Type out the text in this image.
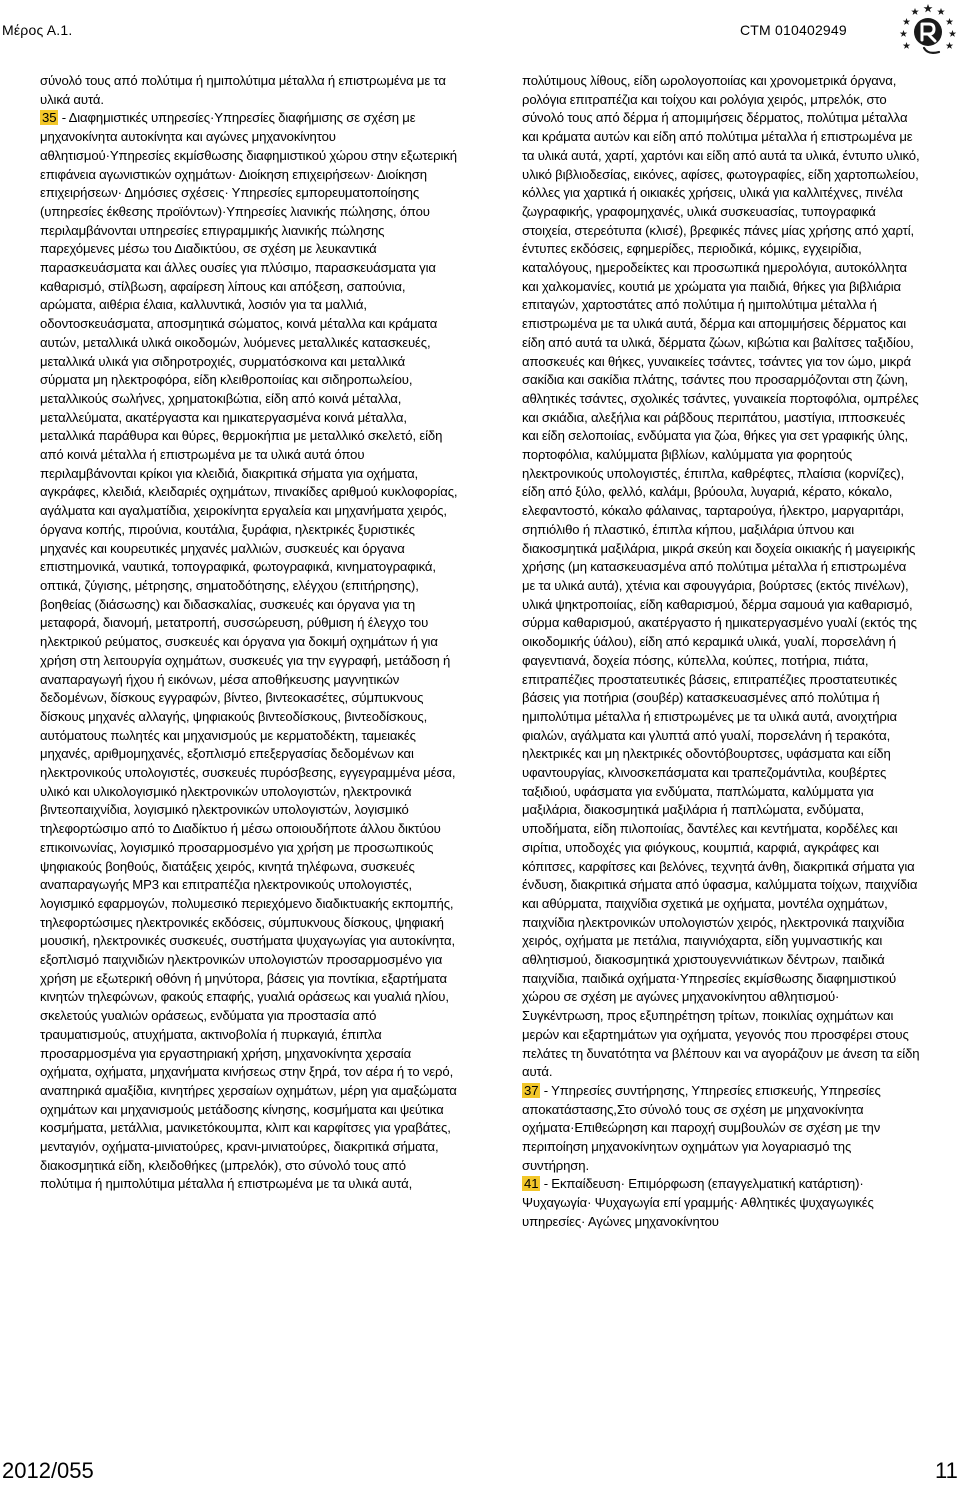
Μέρος Α.1.	CTM 010402949

σύνολό τους από πολύτιμα ή ημιπολύτιμα μέταλλα ή επιστρωμένα με τα υλικά αυτά.

35 - Διαφημιστικές υπηρεσίες·Υπηρεσίες διαφήμισης σε σχέση με μηχανοκίνητα αυτοκίνητα και αγώνες μηχανοκίνητου αθλητισμού·Υπηρεσίες εκμίσθωσης διαφημιστικού χώρου στην εξωτερική επιφάνεια αγωνιστικών οχημάτων· Διοίκηση επιχειρήσεων· Διοίκηση επιχειρήσεων· Δημόσιες σχέσεις· Υπηρεσίες εμπορευματοποίησης (υπηρεσίες έκθεσης προϊόντων)·Υπηρεσίες λιανικής πώλησης, όπου περιλαμβάνονται υπηρεσίες επιγραμμικής λιανικής πώλησης παρεχόμενες μέσω του Διαδικτύου, σε σχέση με λευκαντικά παρασκευάσματα και άλλες ουσίες για πλύσιμο, παρασκευάσματα για καθαρισμό, στίλβωση, αφαίρεση λίπους και απόξεση, σαπούνια, αρώματα, αιθέρια έλαια, καλλυντικά, λοσιόν για τα μαλλιά, οδοντοσκευάσματα, αποσμητικά σώματος, κοινά μέταλλα και κράματα αυτών, μεταλλικά υλικά οικοδομών, λυόμενες μεταλλικές κατασκευές, μεταλλικά υλικά για σιδηροτροχιές, συρματόσκοινα και μεταλλικά σύρματα μη ηλεκτροφόρα, είδη κλειθροποιίας και σιδηροπωλείου, μεταλλικούς σωλήνες, χρηματοκιβώτια, είδη από κοινά μέταλλα, μεταλλεύματα, ακατέργαστα και ημικατεργασμένα κοινά μέταλλα, μεταλλικά παράθυρα και θύρες, θερμοκήπια με μεταλλικό σκελετό, είδη από κοινά μέταλλα ή επιστρωμένα με τα υλικά αυτά όπου περιλαμβάνονται κρίκοι για κλειδιά, διακριτικά σήματα για οχήματα, αγκράφες, κλειδιά, κλειδαριές οχημάτων, πινακίδες αριθμού κυκλοφορίας, αγάλματα και αγαλματίδια, χειροκίνητα εργαλεία και μηχανήματα χειρός, όργανα κοπής, πιρούνια, κουτάλια, ξυράφια, ηλεκτρικές ξυριστικές μηχανές και κουρευτικές μηχανές μαλλιών, συσκευές και όργανα επιστημονικά, ναυτικά, τοπογραφικά, φωτογραφικά, κινηματογραφικά, οπτικά, ζύγισης, μέτρησης, σηματοδότησης, ελέγχου (επιτήρησης), βοηθείας (διάσωσης) και διδασκαλίας, συσκευές και όργανα για τη μεταφορά, διανομή, μετατροπή, συσσώρευση, ρύθμιση ή έλεγχο του ηλεκτρικού ρεύματος, συσκευές και όργανα για δοκιμή οχημάτων ή για χρήση στη λειτουργία οχημάτων, συσκευές για την εγγραφή, μετάδοση ή αναπαραγωγή ήχου ή εικόνων, μέσα αποθήκευσης μαγνητικών δεδομένων, δίσκους εγγραφών, βίντεο, βιντεοκασέτες, σύμπυκνους δίσκους μηχανές αλλαγής, ψηφιακούς βιντεοδίσκους, βιντεοδίσκους, αυτόματους πωλητές και μηχανισμούς με κερματοδέκτη, ταμειακές μηχανές, αριθμομηχανές, εξοπλισμό επεξεργασίας δεδομένων και ηλεκτρονικούς υπολογιστές, συσκευές πυρόσβεσης, εγγεγραμμένα μέσα, υλικό και υλικολογισμικό ηλεκτρονικών υπολογιστών, ηλεκτρονικά βιντεοπαιχνίδια, λογισμικό ηλεκτρονικών υπολογιστών, λογισμικό τηλεφορτώσιμο από το Διαδίκτυο ή μέσω οποιουδήποτε άλλου δικτύου επικοινωνίας, λογισμικό προσαρμοσμένο για χρήση με προσωπικούς ψηφιακούς βοηθούς, διατάξεις χειρός, κινητά τηλέφωνα, συσκευές αναπαραγωγής MP3 και επιτραπέζια ηλεκτρονικούς υπολογιστές, λογισμικό εφαρμογών, πολυμεσικό περιεχόμενο διαδικτυακής εκπομπής, τηλεφορτώσιμες ηλεκτρονικές εκδόσεις, σύμπυκνους δίσκους, ψηφιακή μουσική, ηλεκτρονικές συσκευές, συστήματα ψυχαγωγίας για αυτοκίνητα, εξοπλισμό παιχνιδιών ηλεκτρονικών υπολογιστών προσαρμοσμένο για χρήση με εξωτερική οθόνη ή μηνύτορα, βάσεις για ποντίκια, εξαρτήματα κινητών τηλεφώνων, φακούς επαφής, γυαλιά οράσεως και γυαλιά ηλίου, σκελετούς γυαλιών οράσεως, ενδύματα για προστασία από τραυματισμούς, ατυχήματα, ακτινοβολία ή πυρκαγιά, έπιπλα προσαρμοσμένα για εργαστηριακή χρήση, μηχανοκίνητα χερσαία οχήματα, οχήματα, μηχανήματα κινήσεως στην ξηρά, τον αέρα ή το νερό, αναπηρικά αμαξίδια, κινητήρες χερσαίων οχημάτων, μέρη για αμαξώματα οχημάτων και μηχανισμούς μετάδοσης κίνησης, κοσμήματα και ψεύτικα κοσμήματα, μετάλλια, μανικετόκουμπα, κλιπ και καρφίτσες για γραβάτες, μενταγιόν, οχήματα-μινιατούρες, κρανι-μινιατούρες, διακριτικά σήματα, διακοσμητικά είδη, κλειδοθήκες (μπρελόκ), στο σύνολό τους από πολύτιμα ή ημιπολύτιμα μέταλλα ή επιστρωμένα με τα υλικά αυτά,

πολύτιμους λίθους, είδη ωρολογοποιίας και χρονομετρικά όργανα, ρολόγια επιτραπέζια και τοίχου και ρολόγια χειρός, μπρελόκ, στο σύνολό τους από δέρμα ή απομιμήσεις δέρματος, πολύτιμα μέταλλα και κράματα αυτών και είδη από πολύτιμα μέταλλα ή επιστρωμένα με τα υλικά αυτά, χαρτί, χαρτόνι και είδη από αυτά τα υλικά, έντυπο υλικό, υλικό βιβλιοδεσίας, εικόνες, αφίσες, φωτογραφίες, είδη χαρτοπωλείου, κόλλες για χαρτικά ή οικιακές χρήσεις, υλικά για καλλιτέχνες, πινέλα ζωγραφικής, γραφομηχανές, υλικά συσκευασίας, τυπογραφικά στοιχεία, στερεότυπα (κλισέ), βρεφικές πάνες μίας χρήσης από χαρτί, έντυπες εκδόσεις, εφημερίδες, περιοδικά, κόμικς, εγχειρίδια, καταλόγους, ημεροδείκτες και προσωπικά ημερολόγια, αυτοκόλλητα και χαλκομανίες, κουτιά με χρώματα για παιδιά, θήκες για βιβλιάρια επιταγών, χαρτοστάτες από πολύτιμα ή ημιπολύτιμα μέταλλα ή επιστρωμένα με τα υλικά αυτά, δέρμα και απομιμήσεις δέρματος και είδη από αυτά τα υλικά, δέρματα ζώων, κιβώτια και βαλίτσες ταξιδίου, αποσκευές και θήκες, γυναικείες τσάντες, τσάντες για τον ώμο, μικρά σακίδια και σακίδια πλάτης, τσάντες που προσαρμόζονται στη ζώνη, αθλητικές τσάντες, σχολικές τσάντες, γυναικεία πορτοφόλια, ομπρέλες και σκιάδια, αλεξήλια και ράβδους περιπάτου, μαστίγια, ιπποσκευές και είδη σελοποιίας, ενδύματα για ζώα, θήκες για σετ γραφικής ύλης, πορτοφόλια, καλύμματα βιβλίων, καλύμματα για φορητούς ηλεκτρονικούς υπολογιστές, έπιπλα, καθρέφτες, πλαίσια (κορνίζες), είδη από ξύλο, φελλό, καλάμι, βρύουλα, λυγαριά, κέρατο, κόκαλο, ελεφαντοστό, κόκαλο φάλαινας, ταρταρούγα, ήλεκτρο, μαργαριτάρι, σηπιόλιθο ή πλαστικό, έπιπλα κήπου, μαξιλάρια ύπνου και διακοσμητικά μαξιλάρια, μικρά σκεύη και δοχεία οικιακής ή μαγειρικής χρήσης (μη κατασκευασμένα από πολύτιμα μέταλλα ή επιστρωμένα με τα υλικά αυτά), χτένια και σφουγγάρια, βούρτσες (εκτός πινέλων), υλικά ψηκτροποιίας, είδη καθαρισμού, δέρμα σαμουά για καθαρισμό, σύρμα καθαρισμού, ακατέργαστο ή ημικατεργασμένο γυαλί (εκτός της οικοδομικής ύάλου), είδη από κεραμικά υλικά, γυαλί, πορσελάνη ή φαγεντιανά, δοχεία πόσης, κύπελλα, κούπες, ποτήρια, πιάτα, επιτραπέζιες προστατευτικές βάσεις, επιτραπέζιες προστατευτικές βάσεις για ποτήρια (σουβέρ) κατασκευασμένες από πολύτιμα ή ημιπολύτιμα μέταλλα ή επιστρωμένες με τα υλικά αυτά, ανοιχτήρια φιαλών, αγάλματα και γλυπτά από γυαλί, πορσελάνη ή τερακότα, ηλεκτρικές και μη ηλεκτρικές οδοντόβουρτσες, υφάσματα και είδη υφαντουργίας, κλινοσκεπάσματα και τραπεζομάντιλα, κουβέρτες ταξιδιού, υφάσματα για ενδύματα, παπλώματα, καλύμματα για μαξιλάρια, διακοσμητικά μαξιλάρια ή παπλώματα, ενδύματα, υποδήματα, είδη πιλοποιίας, δαντέλες και κεντήματα, κορδέλες και σιρίτια, υποδοχές για φιόγκους, κουμπιά, καρφιά, αγκράφες και κόπιτσες, καρφίτσες και βελόνες, τεχνητά άνθη, διακριτικά σήματα για ένδυση, διακριτικά σήματα από ύφασμα, καλύμματα τοίχων, παιχνίδια και αθύρματα, παιχνίδια σχετικά με οχήματα, μοντέλα οχημάτων, παιχνίδια ηλεκτρονικών υπολογιστών χειρός, ηλεκτρονικά παιχνίδια χειρός, οχήματα με πετάλια, παιγνιόχαρτα, είδη γυμναστικής και αθλητισμού, διακοσμητικά χριστουγεννιάτικων δέντρων, παιδικά παιχνίδια, παιδικά οχήματα·Υπηρεσίες εκμίσθωσης διαφημιστικού χώρου σε σχέση με αγώνες μηχανοκίνητου αθλητισμού· Συγκέντρωση, προς εξυπηρέτηση τρίτων, ποικιλίας οχημάτων και μερών και εξαρτημάτων για οχήματα, γεγονός που προσφέρει στους πελάτες τη δυνατότητα να βλέπουν και να αγοράζουν με άνεση τα είδη αυτά.

37 - Υπηρεσίες συντήρησης, Υπηρεσίες επισκευής, Υπηρεσίες αποκατάστασης,Στο σύνολό τους σε σχέση με μηχανοκίνητα οχήματα·Επιθεώρηση και παροχή συμβουλών σε σχέση με την περιποίηση μηχανοκίνητων οχημάτων για λογαριασμό της συντήρηση.

41 - Εκπαίδευση· Επιμόρφωση (επαγγελματική κατάρτιση)· Ψυχαγωγία· Ψυχαγωγία επί γραμμής· Αθλητικές ψυχαγωγικές υπηρεσίες· Αγώνες μηχανοκίνητου

2012/055	11
